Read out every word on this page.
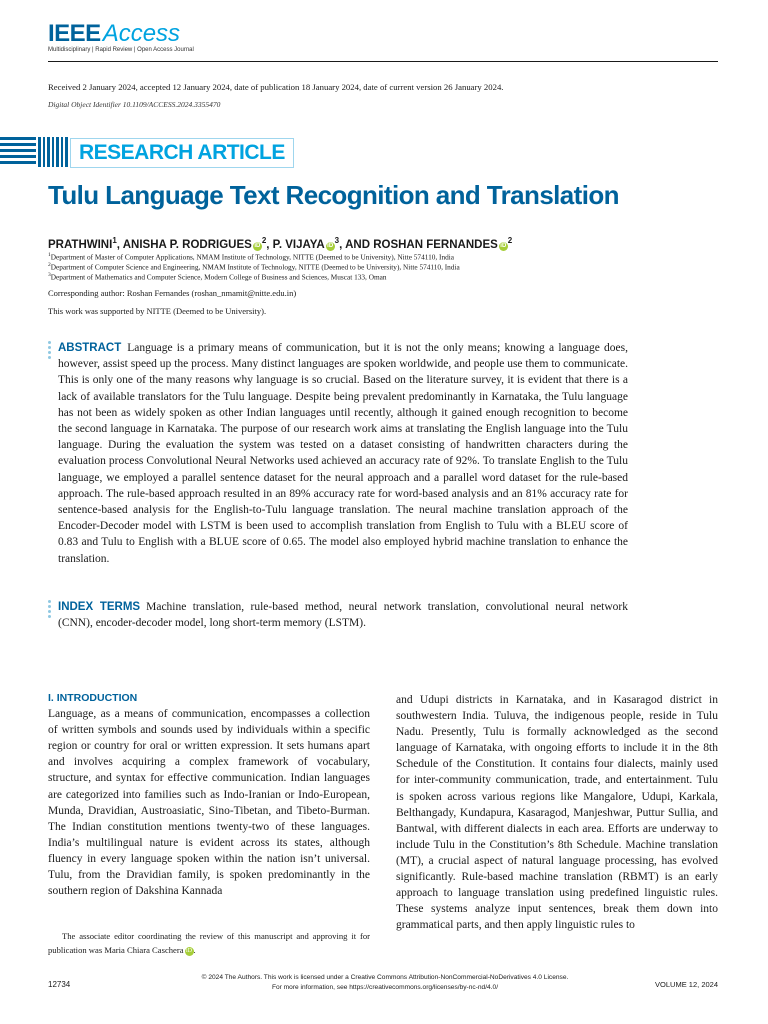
IEEEAccess
Multidisciplinary | Rapid Review | Open Access Journal
Received 2 January 2024, accepted 12 January 2024, date of publication 18 January 2024, date of current version 26 January 2024.
Digital Object Identifier 10.1109/ACCESS.2024.3355470
RESEARCH ARTICLE
Tulu Language Text Recognition and Translation
PRATHWINI$^1$, ANISHA P. RODRIGUES $iD^2$, P. VIJAYA $iD^3$, AND ROSHAN FERNANDES $iD^2$
$^1$Department of Master of Computer Applications, NMAM Institute of Technology, NITTE (Deemed to be University), Nitte 574110, India
$^2$Department of Computer Science and Engineering, NMAM Institute of Technology, NITTE (Deemed to be University), Nitte 574110, India
$^3$Department of Mathematics and Computer Science, Modern College of Business and Sciences, Muscat 133, Oman
Corresponding author: Roshan Fernandes (roshan_nmamit@nitte.edu.in)
This work was supported by NITTE (Deemed to be University).
ABSTRACT Language is a primary means of communication, but it is not the only means; knowing a language does, however, assist speed up the process. Many distinct languages are spoken worldwide, and people use them to communicate. This is only one of the many reasons why language is so crucial. Based on the literature survey, it is evident that there is a lack of available translators for the Tulu language. Despite being prevalent predominantly in Karnataka, the Tulu language has not been as widely spoken as other Indian languages until recently, although it gained enough recognition to become the second language in Karnataka. The purpose of our research work aims at translating the English language into the Tulu language. During the evaluation the system was tested on a dataset consisting of handwritten characters during the evaluation process Convolutional Neural Networks used achieved an accuracy rate of 92%. To translate English to the Tulu language, we employed a parallel sentence dataset for the neural approach and a parallel word dataset for the rule-based approach. The rule-based approach resulted in an 89% accuracy rate for word-based analysis and an 81% accuracy rate for sentence-based analysis for the English-to-Tulu language translation. The neural machine translation approach of the Encoder-Decoder model with LSTM is been used to accomplish translation from English to Tulu with a BLEU score of 0.83 and Tulu to English with a BLUE score of 0.65. The model also employed hybrid machine translation to enhance the translation.
INDEX TERMS Machine translation, rule-based method, neural network translation, convolutional neural network (CNN), encoder-decoder model, long short-term memory (LSTM).
I. INTRODUCTION

Language, as a means of communication, encompasses a collection of written symbols and sounds used by individuals within a specific region or country for oral or written expression. It sets humans apart and involves acquiring a complex framework of vocabulary, structure, and syntax for effective communication. Indian languages are categorized into families such as Indo-Iranian or Indo-European, Munda, Dravidian, Austroasiatic, Sino-Tibetan, and Tibeto-Burman. The Indian constitution mentions twenty-two of these languages. India’s multilingual nature is evident across its states, although fluency in every language spoken within the nation isn’t universal. Tulu, from the Dravidian family, is spoken predominantly in the southern region of Dakshina Kannada

and Udupi districts in Karnataka, and in Kasaragod district in southwestern India. Tuluva, the indigenous people, reside in Tulu Nadu. Presently, Tulu is formally acknowledged as the second language of Karnataka, with ongoing efforts to include it in the 8th Schedule of the Constitution. It contains four dialects, mainly used for inter-community communication, trade, and entertainment. Tulu is spoken across various regions like Mangalore, Udupi, Karkala, Belthangady, Kundapura, Kasaragod, Manjeshwar, Puttur Sullia, and Bantwal, with different dialects in each area. Efforts are underway to include Tulu in the Constitution’s 8th Schedule. Machine translation (MT), a crucial aspect of natural language processing, has evolved significantly. Rule-based machine translation (RBMT) is an early approach to language translation using predefined linguistic rules. These systems analyze input sentences, break them down into grammatical parts, and then apply linguistic rules to

The associate editor coordinating the review of this manuscript and approving it for publication was Maria Chiara Caschera iD .
12734
© 2024 The Authors. This work is licensed under a Creative Commons Attribution-NonCommercial-NoDerivatives 4.0 License.
For more information, see https://creativecommons.org/licenses/by-nc-nd/4.0/	VOLUME 12, 2024
